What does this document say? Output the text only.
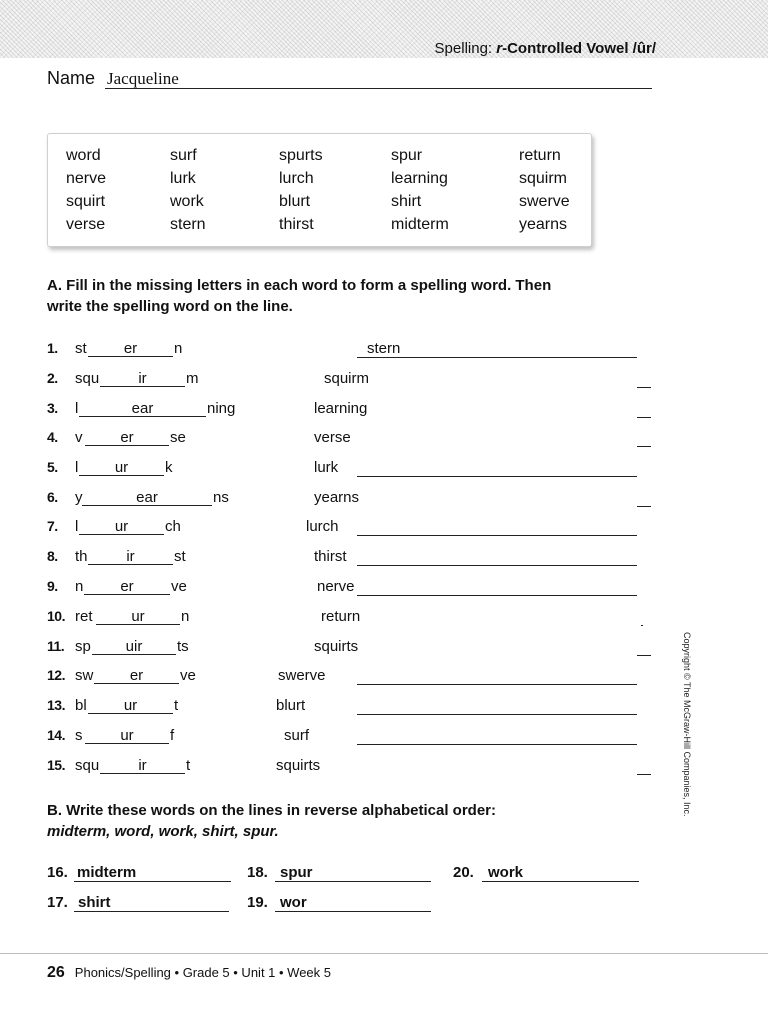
Spelling: r-Controlled Vowel /ûr/
Name Jacqueline
word	surf	spurts	spur	return
nerve	lurk	lurch	learning	squirm
squirt	work	blurt	shirt	swerve
verse	stern	thirst	midterm	yearns
A. Fill in the missing letters in each word to form a spelling word. Then
write the spelling word on the line.
1. st	er	n	stern
2. squ	ir	m	squirm
3. l	ear	ning	learning
4. v	er	se	verse
5. l	ur	k	lurk
6. y	ear	ns	yearns
7. l	ur	ch	lurch
8. th	ir	st	thirst
9. n	er	ve	nerve
10. ret	ur	n	return
11. sp	uir	ts	squirts
12. sw	er	ve	swerve
13. bl	ur	t	blurt
14. s	ur	f	surf
15. squ	ir	t	squirts
B. Write these words on the lines in reverse alphabetical order:
midterm, word, work, shirt, spur.
16. midterm
17. shirt
18. spur
19. wor
20. work
Copyright © The McGraw-Hill Companies, Inc.
26 Phonics/Spelling • Grade 5 • Unit 1 • Week 5
